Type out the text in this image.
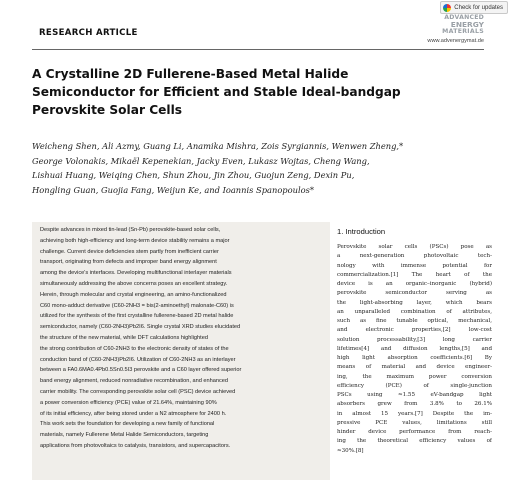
Check for updates
RESEARCH ARTICLE
ADVANCED
ENERGY
MATERIALS
www.advenergymat.de
A Crystalline 2D Fullerene-Based Metal Halide
Semiconductor for Efficient and Stable Ideal-bandgap
Perovskite Solar Cells
Weicheng Shen, Ali Azmy, Guang Li, Anamika Mishra, Zois Syrgiannis, Wenwen Zheng,*
George Volonakis, Mikaël Kepenekian, Jacky Even, Lukasz Wojtas, Cheng Wang,
Lishuai Huang, Weiqing Chen, Shun Zhou, Jin Zhou, Guojun Zeng, Dexin Pu,
Hongling Guan, Guojia Fang, Weijun Ke, and Ioannis Spanopoulos*
Despite advances in mixed tin-lead (Sn-Pb) perovskite-based solar cells,
achieving both high-efficiency and long-term device stability remains a major
challenge. Current device deficiencies stem partly from inefficient carrier
transport, originating from defects and improper band energy alignment
among the device's interfaces. Developing multifunctional interlayer materials
simultaneously addressing the above concerns poses an excellent strategy.
Herein, through molecular and crystal engineering, an amino-functionalized
C60 mono-adduct derivative (C60-2NH3 = bis(2-aminoethyl) malonate-C60) is
utilized for the synthesis of the first crystalline fullerene-based 2D metal halide
semiconductor, namely (C60-2NH3)Pb2I6. Single crystal XRD studies elucidated
the structure of the new material, while DFT calculations highlighted
the strong contribution of C60-2NH3 to the electronic density of states of the
conduction band of (C60-2NH3)Pb2I6. Utilization of C60-2NH3 as an interlayer
between a FA0.6MA0.4Pb0.5Sn0.5I3 perovskite and a C60 layer offered superior
band energy alignment, reduced nonradiative recombination, and enhanced
carrier mobility. The corresponding perovskite solar cell (PSC) device achieved
a power conversion efficiency (PCE) value of 21.64%, maintaining 90%
of its initial efficiency, after being stored under a N2 atmosphere for 2400 h.
This work sets the foundation for developing a new family of functional
materials, namely Fullerene Metal Halide Semiconductors, targeting
applications from photovoltaics to catalysis, transistors, and supercapacitors.
1. Introduction
Perovskite solar cells (PSCs) pose as
a next-generation photovoltaic tech-
nology with immense potential for
commercialization.[1] The heart of the
device is an organic–inorganic (hybrid)
perovskite semiconductor serving as
the light-absorbing layer, which bears
an unparalleled combination of attributes,
such as fine tunable optical, mechanical,
and electronic properties,[2] low-cost
solution processability,[3] long carrier
lifetimes[4] and diffusion lengths,[5] and
high light absorption coefficients.[6] By
means of material and device engineer-
ing, the maximum power conversion
efficiency (PCE) of single-junction
PSCs using ≈1.55 eV-bandgap light
absorbers grew from 3.8% to 26.1%
in almost 15 years.[7] Despite the im-
pressive PCE values, limitations still
hinder device performance from reach-
ing the theoretical efficiency values of
≈30%.[8]
